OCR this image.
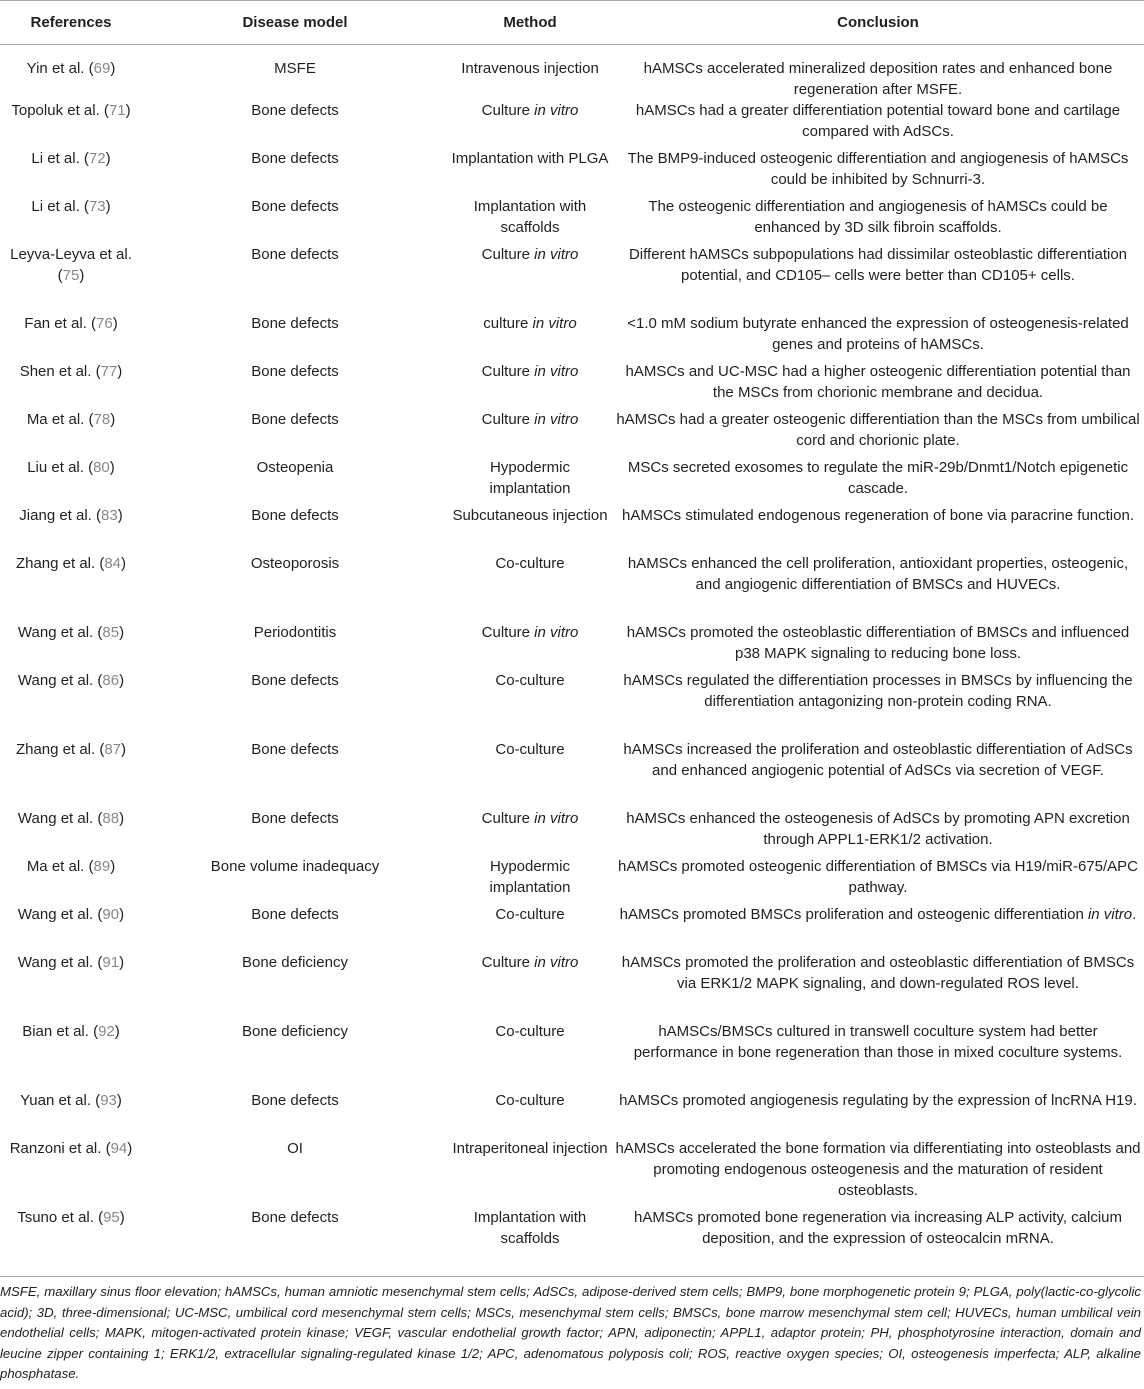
References	Disease model	Method	Conclusion
Yin et al. (69)	MSFE	Intravenous injection	hAMSCs accelerated mineralized deposition rates and enhanced bone regeneration after MSFE.
Topoluk et al. (71)	Bone defects	Culture in vitro	hAMSCs had a greater differentiation potential toward bone and cartilage compared with AdSCs.
Li et al. (72)	Bone defects	Implantation with PLGA	The BMP9-induced osteogenic differentiation and angiogenesis of hAMSCs could be inhibited by Schnurri-3.
Li et al. (73)	Bone defects	Implantation with scaffolds	The osteogenic differentiation and angiogenesis of hAMSCs could be enhanced by 3D silk fibroin scaffolds.
Leyva-Leyva et al. (75)	Bone defects	Culture in vitro	Different hAMSCs subpopulations had dissimilar osteoblastic differentiation potential, and CD105– cells were better than CD105+ cells.
Fan et al. (76)	Bone defects	culture in vitro	<1.0 mM sodium butyrate enhanced the expression of osteogenesis-related genes and proteins of hAMSCs.
Shen et al. (77)	Bone defects	Culture in vitro	hAMSCs and UC-MSC had a higher osteogenic differentiation potential than the MSCs from chorionic membrane and decidua.
Ma et al. (78)	Bone defects	Culture in vitro	hAMSCs had a greater osteogenic differentiation than the MSCs from umbilical cord and chorionic plate.
Liu et al. (80)	Osteopenia	Hypodermic implantation	MSCs secreted exosomes to regulate the miR-29b/Dnmt1/Notch epigenetic cascade.
Jiang et al. (83)	Bone defects	Subcutaneous injection	hAMSCs stimulated endogenous regeneration of bone via paracrine function.
Zhang et al. (84)	Osteoporosis	Co-culture	hAMSCs enhanced the cell proliferation, antioxidant properties, osteogenic, and angiogenic differentiation of BMSCs and HUVECs.
Wang et al. (85)	Periodontitis	Culture in vitro	hAMSCs promoted the osteoblastic differentiation of BMSCs and influenced p38 MAPK signaling to reducing bone loss.
Wang et al. (86)	Bone defects	Co-culture	hAMSCs regulated the differentiation processes in BMSCs by influencing the differentiation antagonizing non-protein coding RNA.
Zhang et al. (87)	Bone defects	Co-culture	hAMSCs increased the proliferation and osteoblastic differentiation of AdSCs and enhanced angiogenic potential of AdSCs via secretion of VEGF.
Wang et al. (88)	Bone defects	Culture in vitro	hAMSCs enhanced the osteogenesis of AdSCs by promoting APN excretion through APPL1-ERK1/2 activation.
Ma et al. (89)	Bone volume inadequacy	Hypodermic implantation	hAMSCs promoted osteogenic differentiation of BMSCs via H19/miR-675/APC pathway.
Wang et al. (90)	Bone defects	Co-culture	hAMSCs promoted BMSCs proliferation and osteogenic differentiation in vitro.
Wang et al. (91)	Bone deficiency	Culture in vitro	hAMSCs promoted the proliferation and osteoblastic differentiation of BMSCs via ERK1/2 MAPK signaling, and down-regulated ROS level.
Bian et al. (92)	Bone deficiency	Co-culture	hAMSCs/BMSCs cultured in transwell coculture system had better performance in bone regeneration than those in mixed coculture systems.
Yuan et al. (93)	Bone defects	Co-culture	hAMSCs promoted angiogenesis regulating by the expression of lncRNA H19.
Ranzoni et al. (94)	OI	Intraperitoneal injection	hAMSCs accelerated the bone formation via differentiating into osteoblasts and promoting endogenous osteogenesis and the maturation of resident osteoblasts.
Tsuno et al. (95)	Bone defects	Implantation with scaffolds	hAMSCs promoted bone regeneration via increasing ALP activity, calcium deposition, and the expression of osteocalcin mRNA.
MSFE, maxillary sinus floor elevation; hAMSCs, human amniotic mesenchymal stem cells; AdSCs, adipose-derived stem cells; BMP9, bone morphogenetic protein 9; PLGA, poly(lactic-co-glycolic acid); 3D, three-dimensional; UC-MSC, umbilical cord mesenchymal stem cells; MSCs, mesenchymal stem cells; BMSCs, bone marrow mesenchymal stem cell; HUVECs, human umbilical vein endothelial cells; MAPK, mitogen-activated protein kinase; VEGF, vascular endothelial growth factor; APN, adiponectin; APPL1, adaptor protein; PH, phosphotyrosine interaction, domain and leucine zipper containing 1; ERK1/2, extracellular signaling-regulated kinase 1/2; APC, adenomatous polyposis coli; ROS, reactive oxygen species; OI, osteogenesis imperfecta; ALP, alkaline phosphatase.
